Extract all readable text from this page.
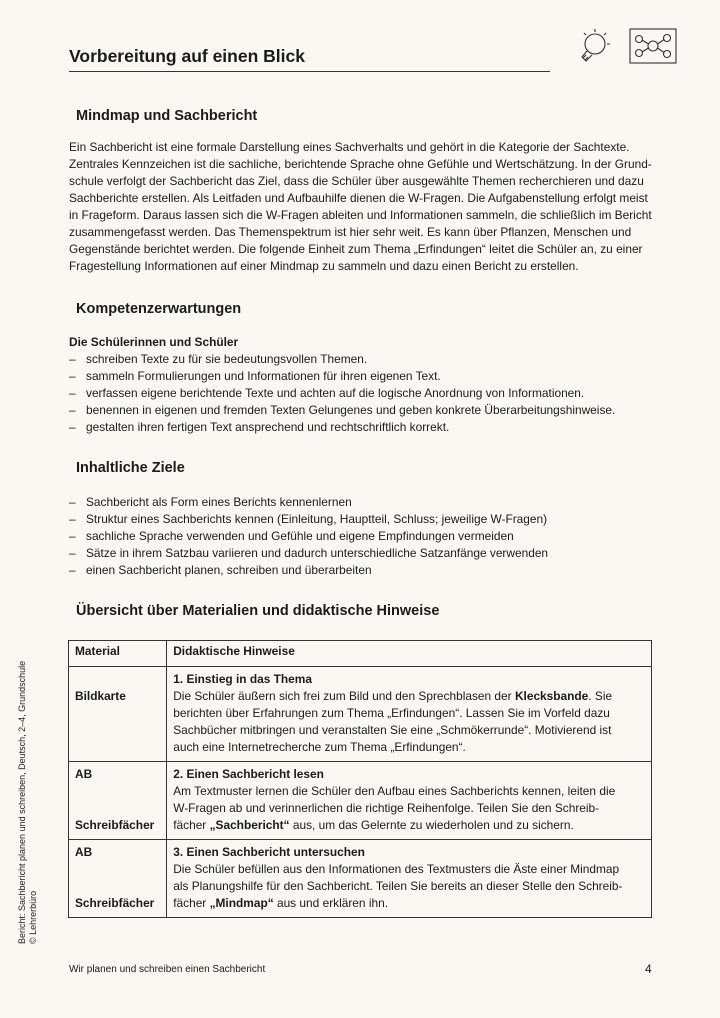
Vorbereitung auf einen Blick
Mindmap und Sachbericht
Ein Sachbericht ist eine formale Darstellung eines Sachverhalts und gehört in die Kategorie der Sachtexte.
Zentrales Kennzeichen ist die sachliche, berichtende Sprache ohne Gefühle und Wertschätzung. In der Grund-
schule verfolgt der Sachbericht das Ziel, dass die Schüler über ausgewählte Themen recherchieren und dazu
Sachberichte erstellen. Als Leitfaden und Aufbauhilfe dienen die W-Fragen. Die Aufgabenstellung erfolgt meist
in Frageform. Daraus lassen sich die W-Fragen ableiten und Informationen sammeln, die schließlich im Bericht
zusammengefasst werden. Das Themenspektrum ist hier sehr weit. Es kann über Pflanzen, Menschen und
Gegenstände berichtet werden. Die folgende Einheit zum Thema „Erfindungen“ leitet die Schüler an, zu einer
Fragestellung Informationen auf einer Mindmap zu sammeln und dazu einen Bericht zu erstellen.
Kompetenzerwartungen
Die Schülerinnen und Schüler
– schreiben Texte zu für sie bedeutungsvollen Themen.
– sammeln Formulierungen und Informationen für ihren eigenen Text.
– verfassen eigene berichtende Texte und achten auf die logische Anordnung von Informationen.
– benennen in eigenen und fremden Texten Gelungenes und geben konkrete Überarbeitungshinweise.
– gestalten ihren fertigen Text ansprechend und rechtschriftlich korrekt.
Inhaltliche Ziele
– Sachbericht als Form eines Berichts kennenlernen
– Struktur eines Sachberichts kennen (Einleitung, Hauptteil, Schluss; jeweilige W-Fragen)
– sachliche Sprache verwenden und Gefühle und eigene Empfindungen vermeiden
– Sätze in ihrem Satzbau variieren und dadurch unterschiedliche Satzanfänge verwenden
– einen Sachbericht planen, schreiben und überarbeiten
Übersicht über Materialien und didaktische Hinweise
Material	Didaktische Hinweise

Bildkarte	1. Einstieg in das Thema
Die Schüler äußern sich frei zum Bild und den Sprechblasen der Klecksbande. Sie
berichten über Erfahrungen zum Thema „Erfindungen“. Lassen Sie im Vorfeld dazu
Sachbücher mitbringen und veranstalten Sie eine „Schmökerrunde“. Motivierend ist
auch eine Internetrecherche zum Thema „Erfindungen“.

AB
Schreibfächer	2. Einen Sachbericht lesen
Am Textmuster lernen die Schüler den Aufbau eines Sachberichts kennen, leiten die
W-Fragen ab und verinnerlichen die richtige Reihenfolge. Teilen Sie den Schreib-
fächer „Sachbericht“ aus, um das Gelernte zu wiederholen und zu sichern.

AB
Schreibfächer	3. Einen Sachbericht untersuchen
Die Schüler befüllen aus den Informationen des Textmusters die Äste einer Mindmap
als Planungshilfe für den Sachbericht. Teilen Sie bereits an dieser Stelle den Schreib-
fächer „Mindmap“ aus und erklären ihn.
Bericht: Sachbericht planen und schreiben, Deutsch, 2–4, Grundschule © Lehrerbüro
Wir planen und schreiben einen Sachbericht	4
